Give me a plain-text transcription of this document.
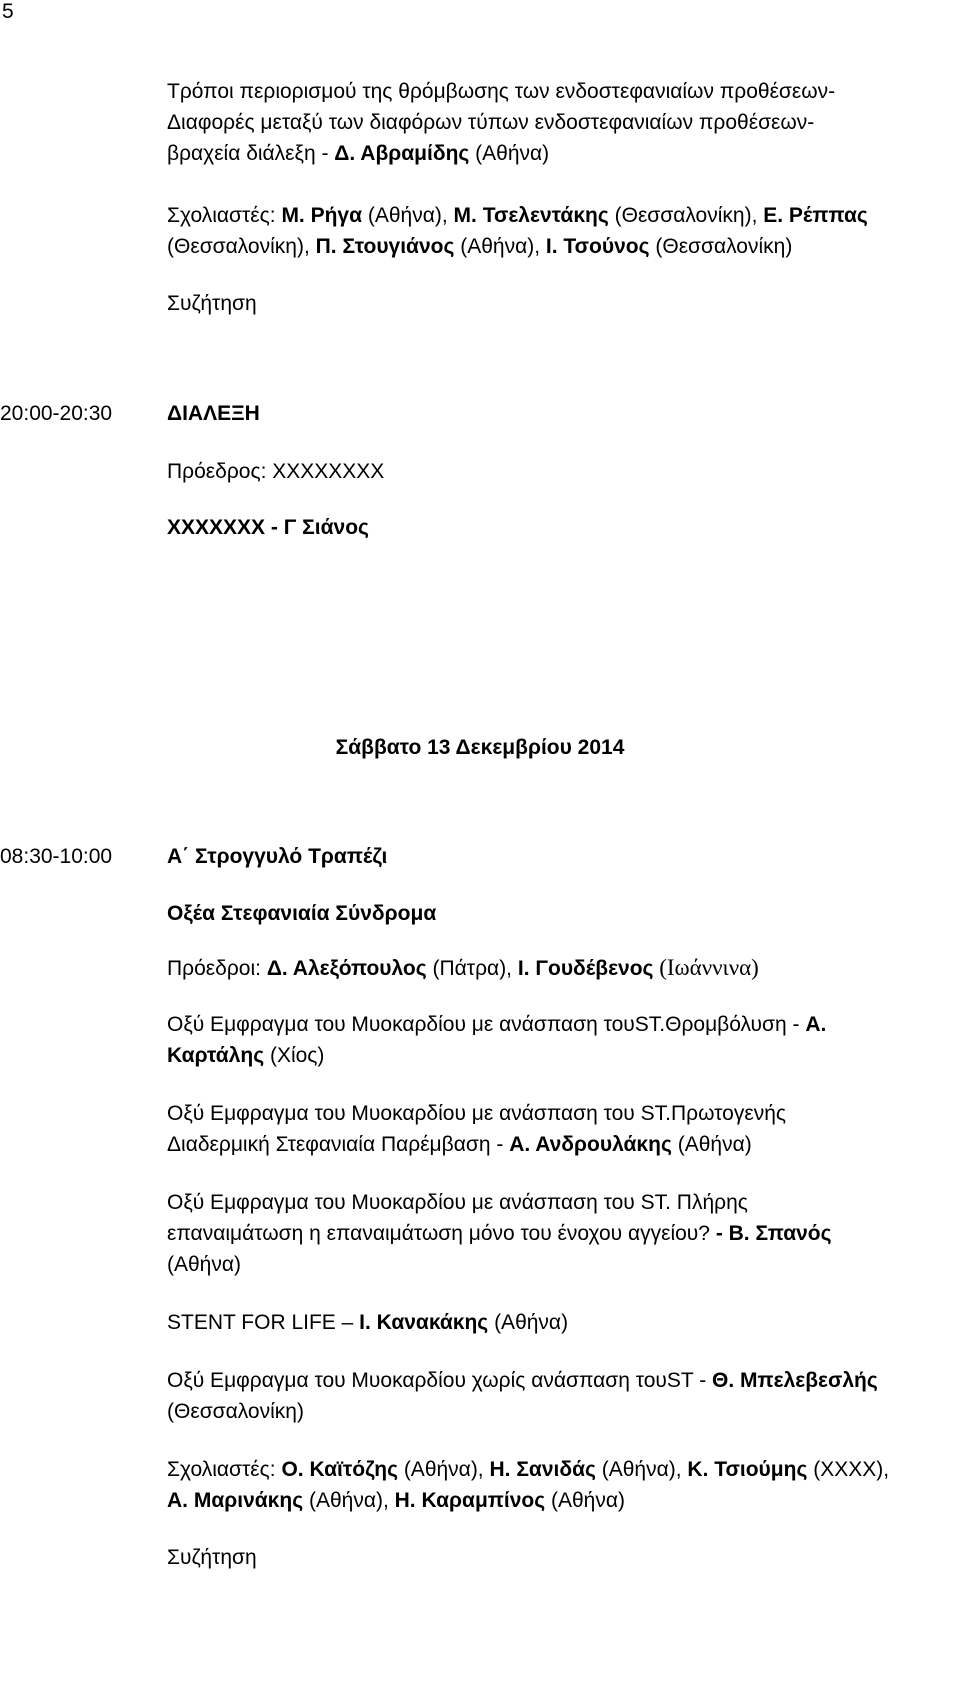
5
Τρόποι περιορισμού της θρόμβωσης των ενδοστεφανιαίων προθέσεων-
Διαφορές μεταξύ των διαφόρων τύπων ενδοστεφανιαίων προθέσεων-
βραχεία διάλεξη - Δ. Αβραμίδης (Αθήνα)
Σχολιαστές: Μ. Ρήγα (Αθήνα), Μ. Τσελεντάκης (Θεσσαλονίκη), Ε. Ρέππας
(Θεσσαλονίκη), Π. Στουγιάνος (Αθήνα), Ι. Τσούνος (Θεσσαλονίκη)
Συζήτηση
20:00-20:30	ΔΙΑΛΕΞΗ
Πρόεδρος: XXXXXXXX
XXXXXXX - Γ Σιάνος
Σάββατο 13 Δεκεμβρίου 2014
08:30-10:00	Α΄ Στρογγυλό Τραπέζι
Οξέα Στεφανιαία Σύνδρομα
Πρόεδροι: Δ. Αλεξόπουλος (Πάτρα), Ι. Γουδέβενος (Ιωάννινα)
Οξύ Εμφραγμα του Μυοκαρδίου με ανάσπαση τουST.Θρομβόλυση - Α.
Καρτάλης (Χίος)
Οξύ Εμφραγμα του Μυοκαρδίου με ανάσπαση του ST.Πρωτογενής
Διαδερμική Στεφανιαία Παρέμβαση - Α. Ανδρουλάκης (Αθήνα)
Οξύ Εμφραγμα του Μυοκαρδίου με ανάσπαση του ST. Πλήρης
επαναιμάτωση η επαναιμάτωση μόνο του ένοχου αγγείου? - Β. Σπανός
(Αθήνα)
STENT FOR LIFE – Ι. Κανακάκης (Αθήνα)
Οξύ Εμφραγμα του Μυοκαρδίου χωρίς ανάσπαση τουST - Θ. Μπελεβεσλής
(Θεσσαλονίκη)
Σχολιαστές: Ο. Καϊτόζης (Αθήνα), Η. Σανιδάς (Αθήνα), Κ. Τσιούμης (XXXX),
Α. Μαρινάκης (Αθήνα), Η. Καραμπίνος (Αθήνα)
Συζήτηση
